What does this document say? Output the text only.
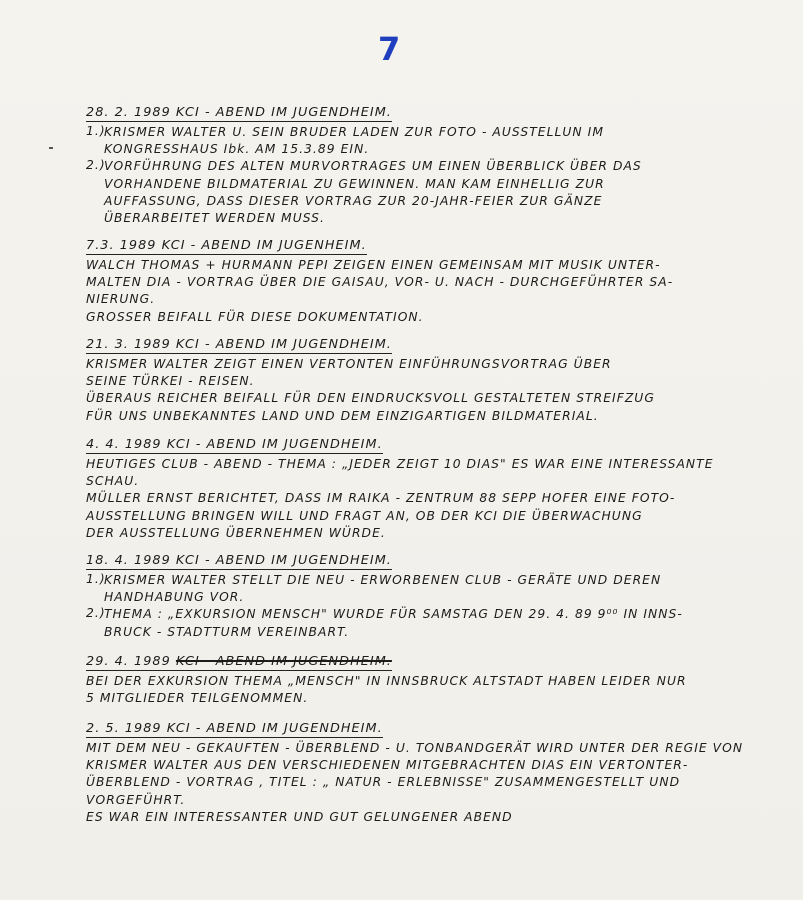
7
28. 2. 1989 KCI - ABEND IM JUGENDHEIM.
1.)
KRISMER WALTER U. SEIN BRUDER LADEN ZUR FOTO - AUSSTELLUN IM
KONGRESSHAUS Ibk. AM 15.3.89 EIN.
2.)
VORFÜHRUNG DES ALTEN MURVORTRAGES UM EINEN ÜBERBLICK ÜBER DAS
VORHANDENE BILDMATERIAL ZU GEWINNEN. MAN KAM EINHELLIG ZUR
AUFFASSUNG, DASS DIESER VORTRAG ZUR 20-JAHR-FEIER ZUR GÄNZE
ÜBERARBEITET WERDEN MUSS.
7.3. 1989 KCI - ABEND IM JUGENHEIM.
WALCH THOMAS + HURMANN PEPI ZEIGEN EINEN GEMEINSAM MIT MUSIK UNTER-
MALTEN DIA - VORTRAG ÜBER DIE GAISAU, VOR- U. NACH - DURCHGEFÜHRTER SA-
NIERUNG.
GROSSER BEIFALL FÜR DIESE DOKUMENTATION.
21. 3. 1989 KCI - ABEND IM JUGENDHEIM.
KRISMER WALTER ZEIGT EINEN VERTONTEN EINFÜHRUNGSVORTRAG ÜBER
SEINE TÜRKEI - REISEN.
ÜBERAUS REICHER BEIFALL FÜR DEN EINDRUCKSVOLL GESTALTETEN STREIFZUG
FÜR UNS UNBEKANNTES LAND UND DEM EINZIGARTIGEN BILDMATERIAL.
4. 4. 1989 KCI - ABEND IM JUGENDHEIM.
HEUTIGES CLUB - ABEND - THEMA : „JEDER ZEIGT 10 DIAS" ES WAR EINE INTERESSANTE
SCHAU.
MÜLLER ERNST BERICHTET, DASS IM RAIKA - ZENTRUM 88 SEPP HOFER EINE FOTO-
AUSSTELLUNG BRINGEN WILL UND FRAGT AN, OB DER KCI DIE ÜBERWACHUNG
DER AUSSTELLUNG ÜBERNEHMEN WÜRDE.
18. 4. 1989 KCI - ABEND IM JUGENDHEIM.
1.)
KRISMER WALTER STELLT DIE NEU - ERWORBENEN CLUB - GERÄTE UND DEREN
HANDHABUNG VOR.
2.)
THEMA : „EXKURSION MENSCH" WURDE FÜR SAMSTAG DEN 29. 4. 89 9⁰⁰ IN INNS-
BRUCK - STADTTURM VEREINBART.
29. 4. 1989 KCI - ABEND IM JUGENDHEIM.
BEI DER EXKURSION THEMA „MENSCH" IN INNSBRUCK ALTSTADT HABEN LEIDER NUR
5 MITGLIEDER TEILGENOMMEN.
2. 5. 1989 KCI - ABEND IM JUGENDHEIM.
MIT DEM NEU - GEKAUFTEN - ÜBERBLEND - U. TONBANDGERÄT WIRD UNTER DER REGIE VON
KRISMER WALTER AUS DEN VERSCHIEDENEN MITGEBRACHTEN DIAS EIN VERTONTER-
ÜBERBLEND - VORTRAG , TITEL : „ NATUR - ERLEBNISSE" ZUSAMMENGESTELLT UND
VORGEFÜHRT.
ES WAR EIN INTERESSANTER UND GUT GELUNGENER ABEND
